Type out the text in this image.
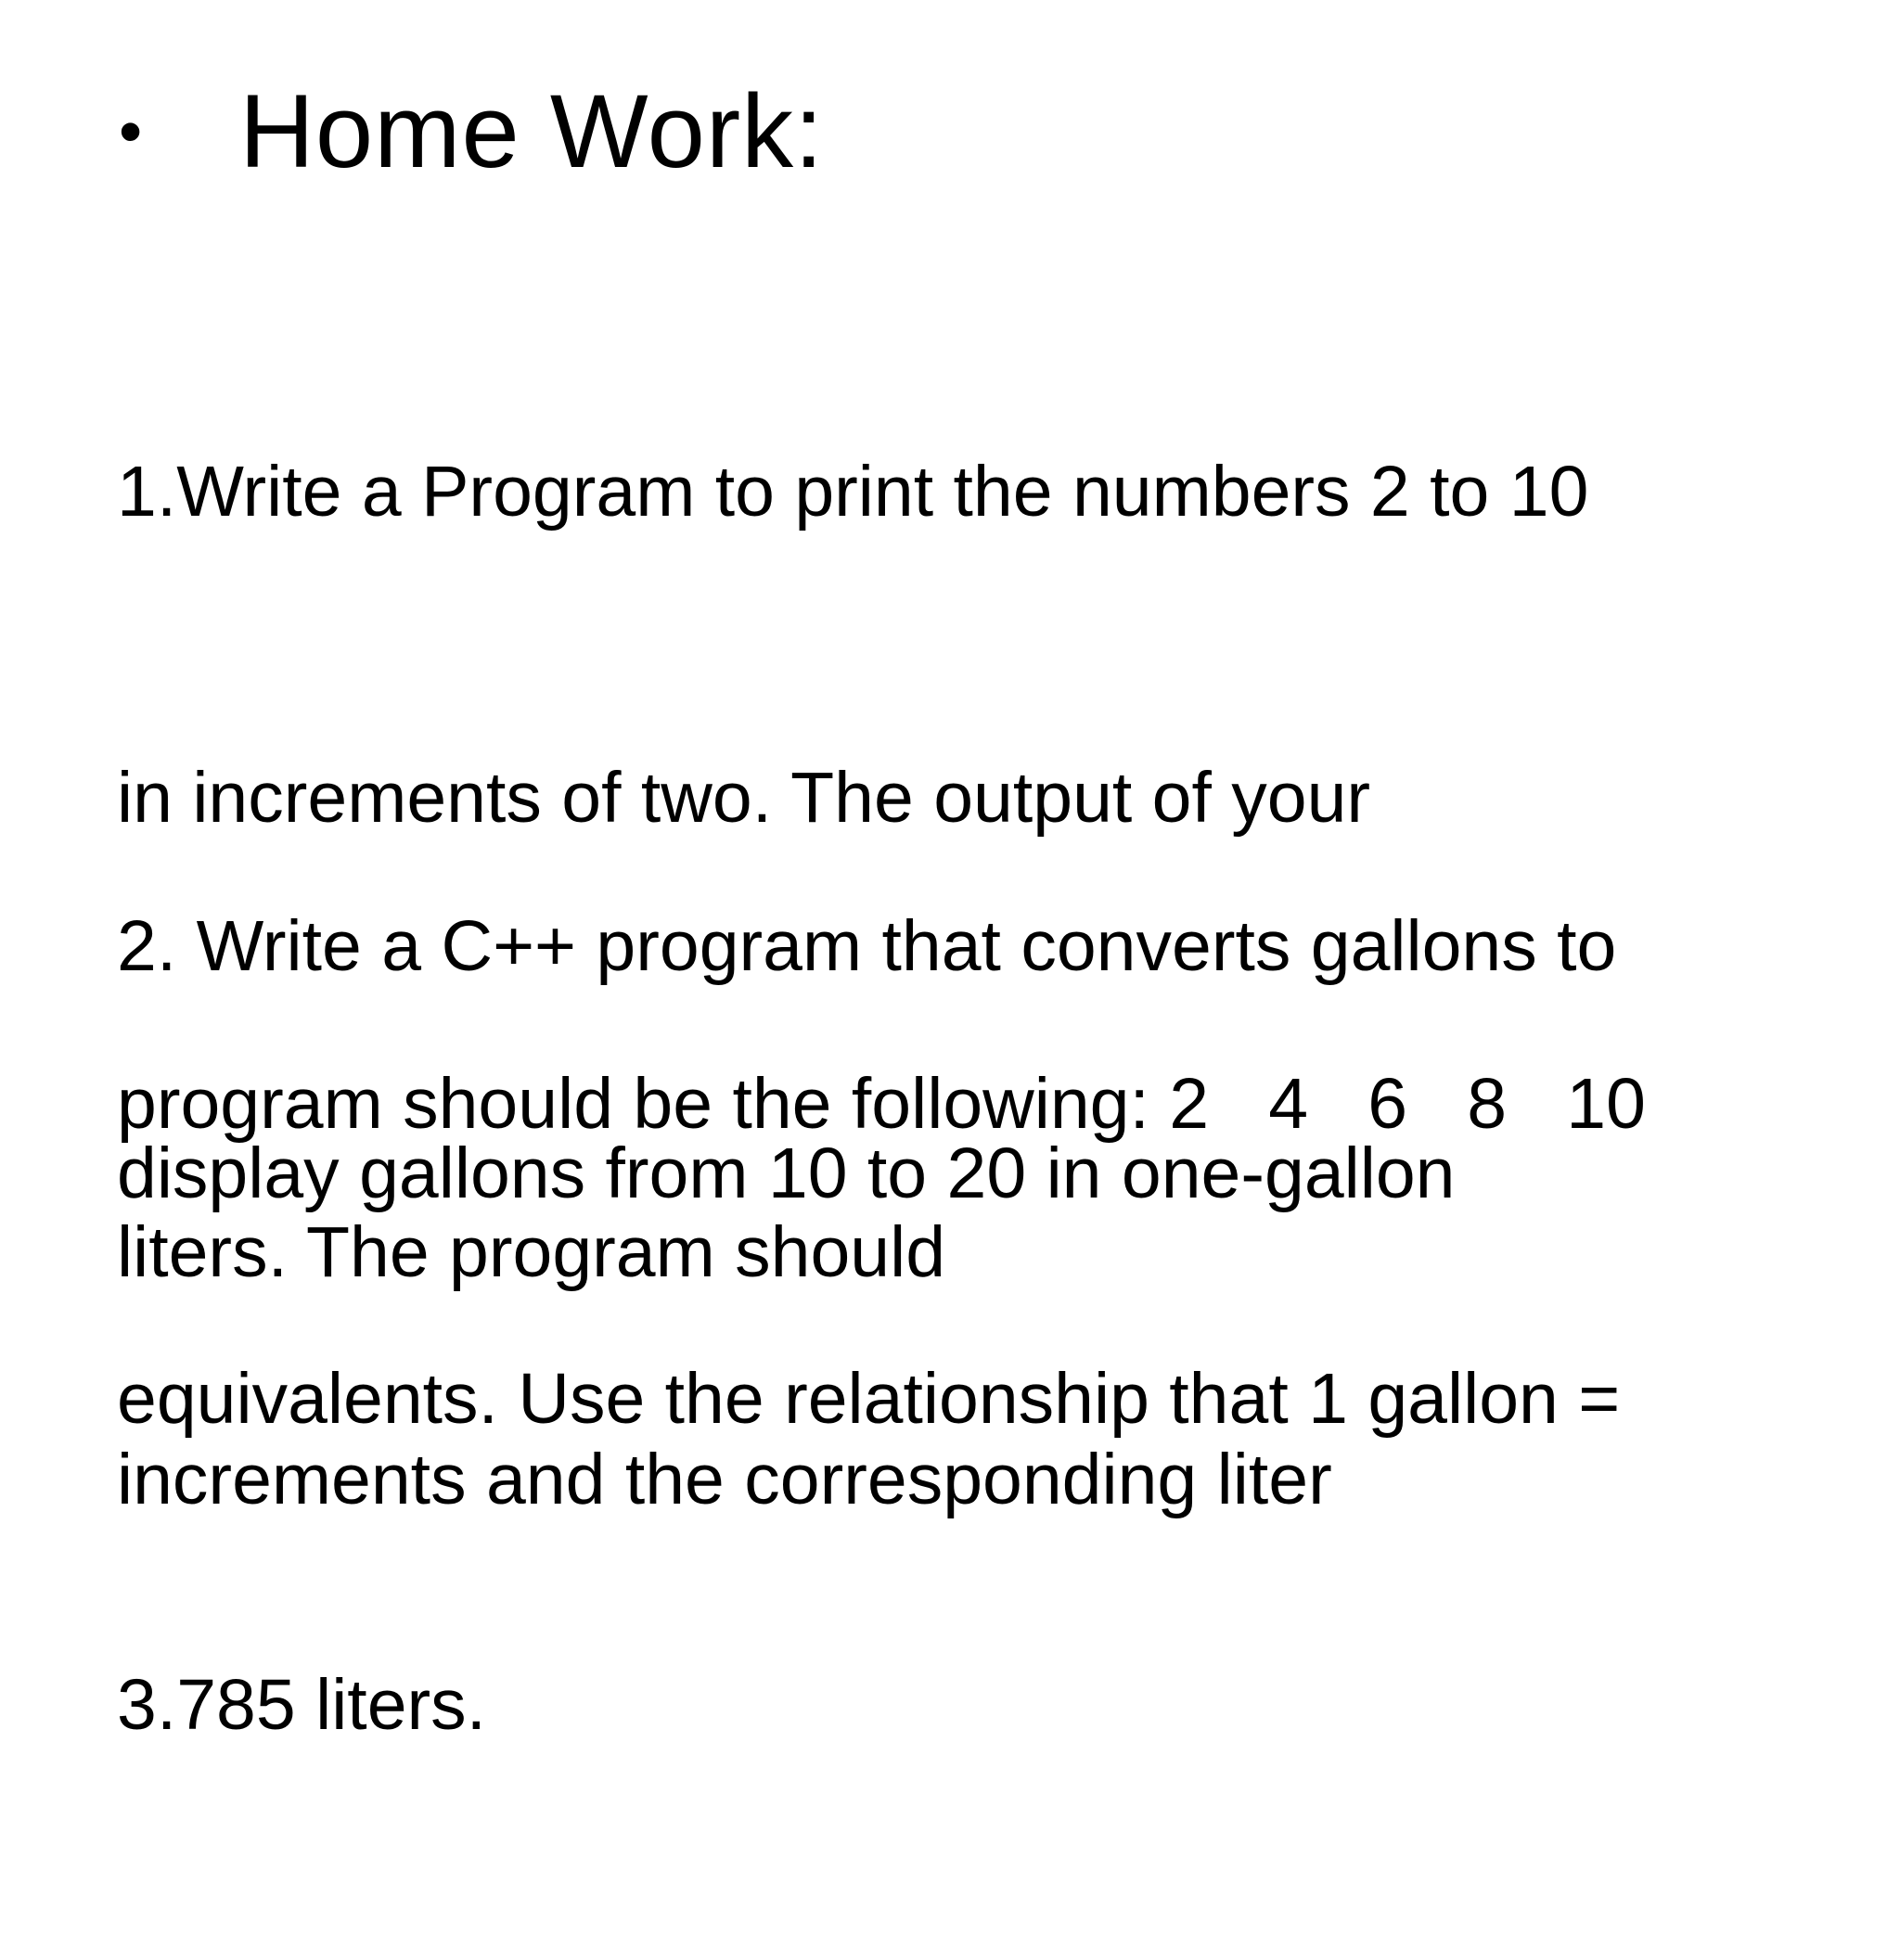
• Home Work:

1.Write a Program to print the numbers 2 to 10

in increments of two. The output of your

program should be the following: 2   4   6   8   10

2. Write a C++ program that converts gallons to

liters. The program should

display gallons from 10 to 20 in one-gallon

increments and the corresponding liter

equivalents. Use the relationship that 1 gallon =

3.785 liters.
